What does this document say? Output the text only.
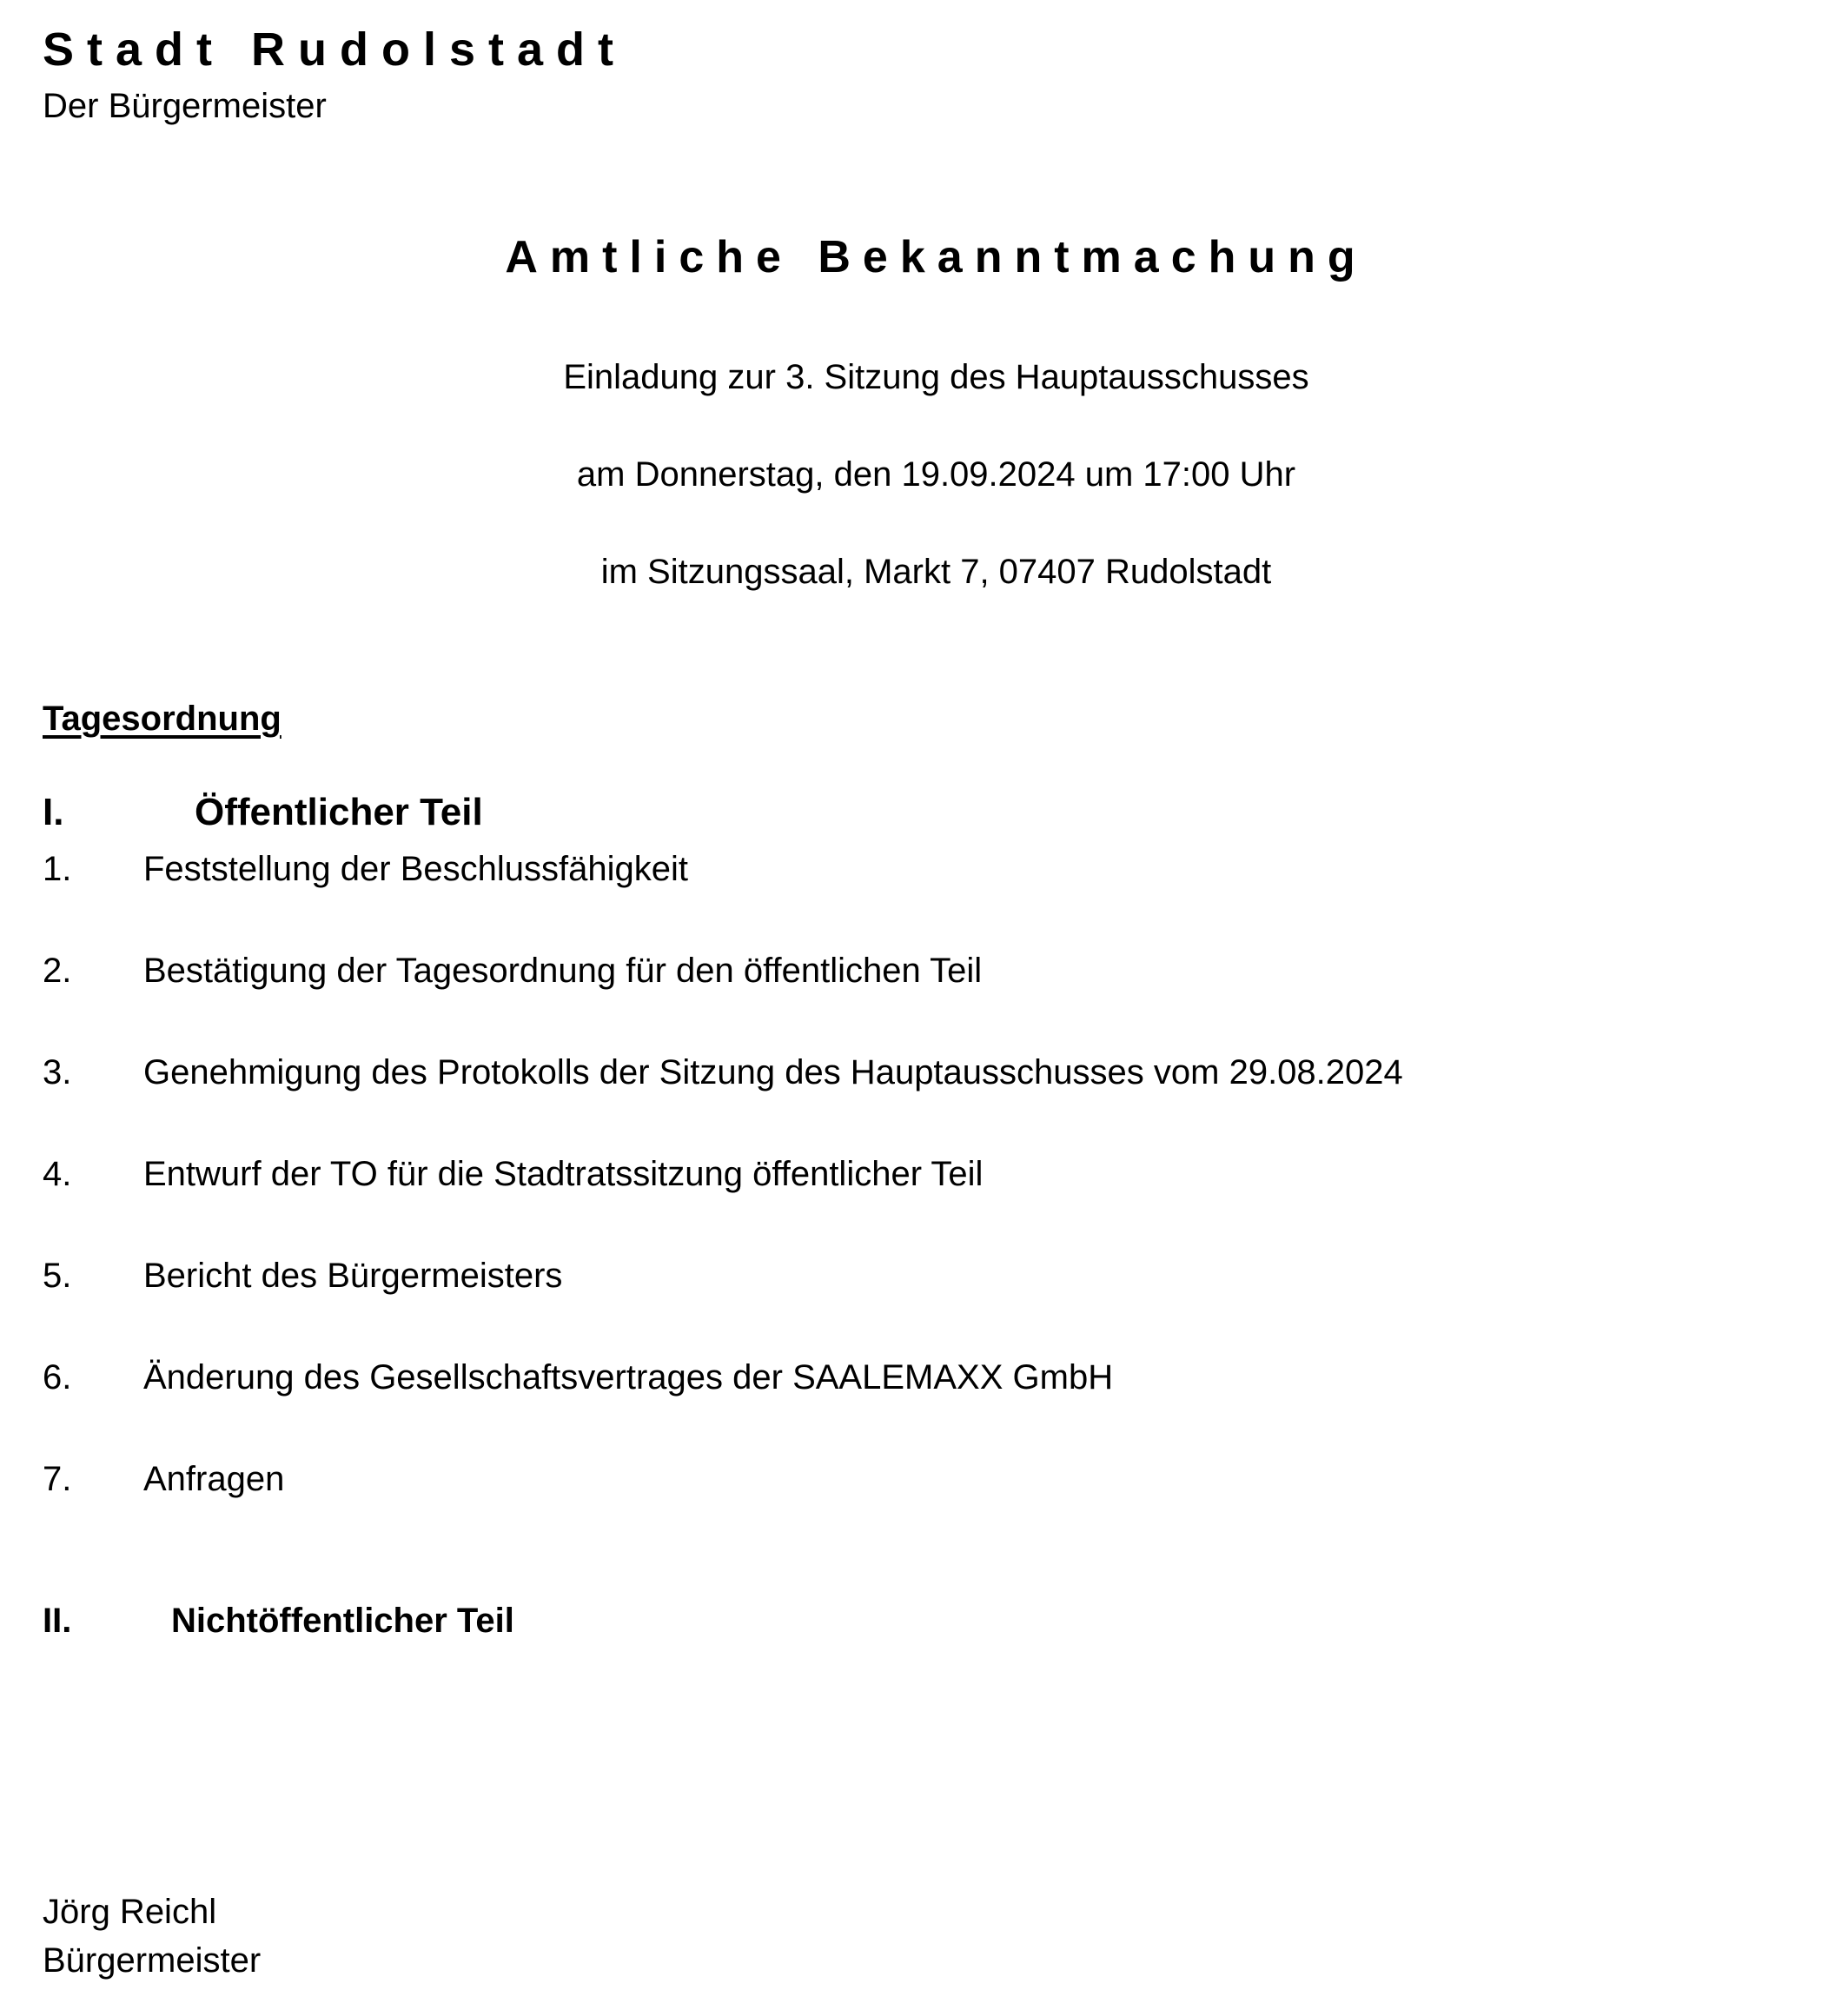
Stadt Rudolstadt
Der Bürgermeister
Amtliche Bekanntmachung
Einladung zur 3. Sitzung des Hauptausschusses
am Donnerstag, den 19.09.2024 um 17:00 Uhr
im Sitzungssaal, Markt 7, 07407 Rudolstadt
Tagesordnung
I.	Öffentlicher Teil
1. Feststellung der Beschlussfähigkeit
2. Bestätigung der Tagesordnung für den öffentlichen Teil
3. Genehmigung des Protokolls der Sitzung des Hauptausschusses vom 29.08.2024
4. Entwurf der TO für die Stadtratssitzung öffentlicher Teil
5. Bericht des Bürgermeisters
6. Änderung des Gesellschaftsvertrages der SAALEMAXX GmbH
7. Anfragen
II.	Nichtöffentlicher Teil
Jörg Reichl
Bürgermeister
